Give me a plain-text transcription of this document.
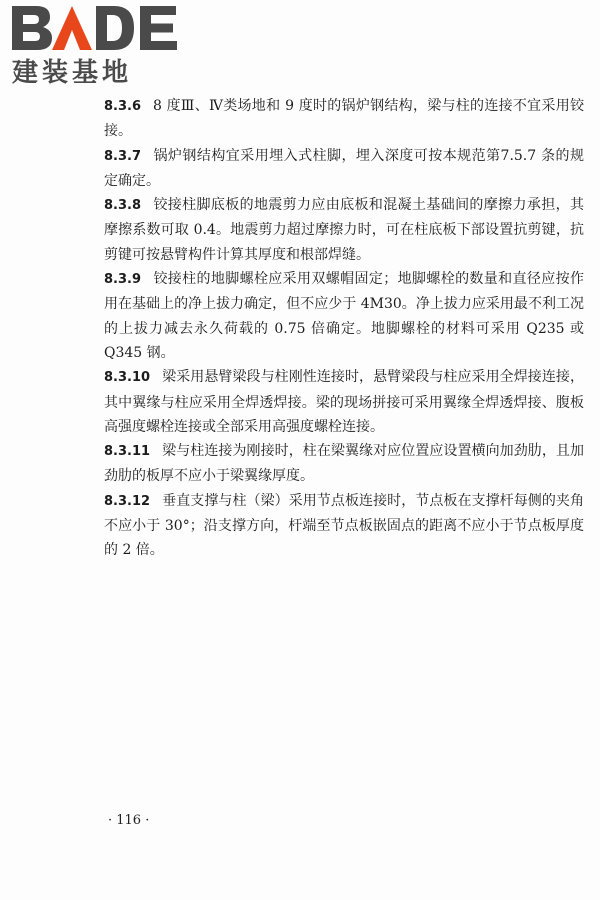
建装基地

8.3.6 8 度Ⅲ、Ⅳ类场地和 9 度时的锅炉钢结构，梁与柱的连接不宜采用铰接。

8.3.7 锅炉钢结构宜采用埋入式柱脚，埋入深度可按本规范第7.5.7 条的规定确定。

8.3.8 铰接柱脚底板的地震剪力应由底板和混凝土基础间的摩擦力承担，其摩擦系数可取 0.4。地震剪力超过摩擦力时，可在柱底板下部设置抗剪键，抗剪键可按悬臂构件计算其厚度和根部焊缝。

8.3.9 铰接柱的地脚螺栓应采用双螺帽固定；地脚螺栓的数量和直径应按作用在基础上的净上拔力确定，但不应少于 4M30。净上拔力应采用最不利工况的上拔力减去永久荷载的 0.75 倍确定。地脚螺栓的材料可采用 Q235 或 Q345 钢。

8.3.10 梁采用悬臂梁段与柱刚性连接时，悬臂梁段与柱应采用全焊接连接，其中翼缘与柱应采用全焊透焊接。梁的现场拼接可采用翼缘全焊透焊接、腹板高强度螺栓连接或全部采用高强度螺栓连接。

8.3.11 梁与柱连接为刚接时，柱在梁翼缘对应位置应设置横向加劲肋，且加劲肋的板厚不应小于梁翼缘厚度。

8.3.12 垂直支撑与柱（梁）采用节点板连接时，节点板在支撑杆每侧的夹角不应小于 30°；沿支撑方向，杆端至节点板嵌固点的距离不应小于节点板厚度的 2 倍。

· 116 ·
